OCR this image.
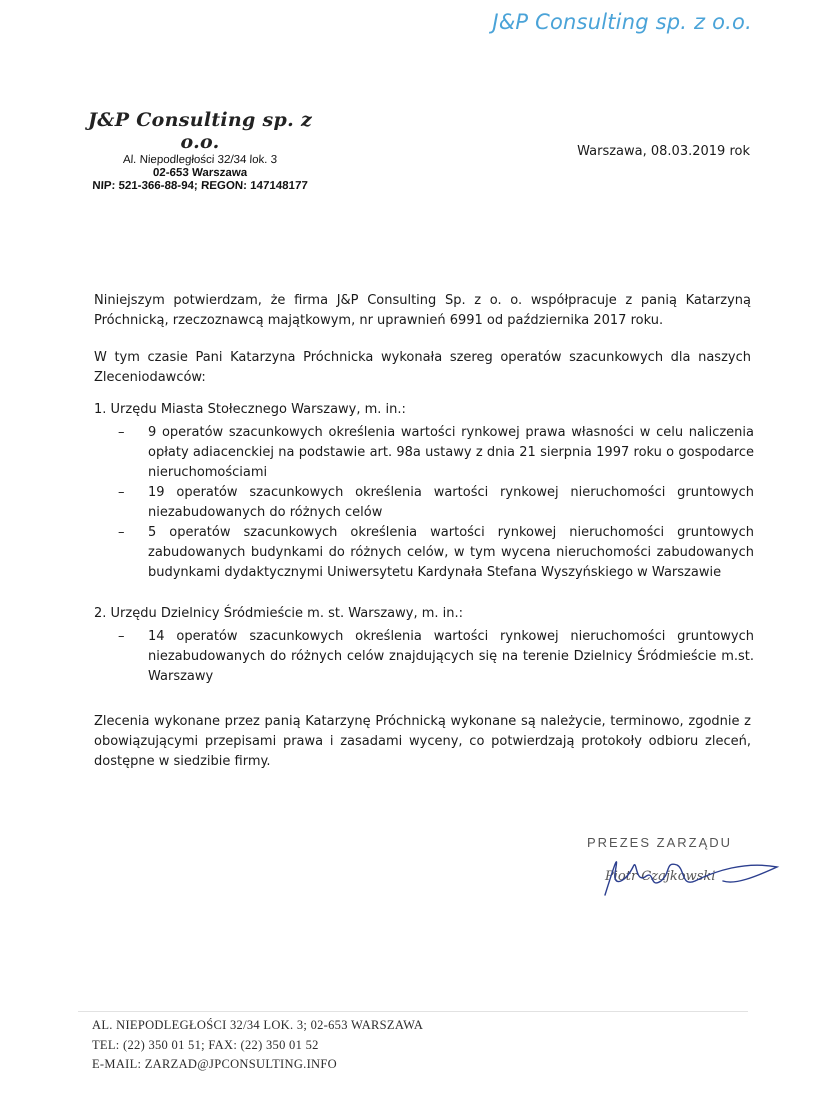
J&P Consulting sp. z o.o.
J&P Consulting sp. z o.o.
Al. Niepodległości 32/34 lok. 3
02-653 Warszawa
NIP: 521-366-88-94; REGON: 147148177
Warszawa, 08.03.2019 rok
Niniejszym potwierdzam, że firma J&P Consulting Sp. z o. o. współpracuje z panią Katarzyną Próchnicką, rzeczoznawcą majątkowym, nr uprawnień 6991 od października 2017 roku.
W tym czasie Pani Katarzyna Próchnicka wykonała szereg operatów szacunkowych dla naszych Zleceniodawców:
1. Urzędu Miasta Stołecznego Warszawy, m. in.:
– 9 operatów szacunkowych określenia wartości rynkowej prawa własności w celu naliczenia opłaty adiacenckiej na podstawie art. 98a ustawy z dnia 21 sierpnia 1997 roku o gospodarce nieruchomościami
– 19 operatów szacunkowych określenia wartości rynkowej nieruchomości gruntowych niezabudowanych do różnych celów
– 5 operatów szacunkowych określenia wartości rynkowej nieruchomości gruntowych zabudowanych budynkami do różnych celów, w tym wycena nieruchomości zabudowanych budynkami dydaktycznymi Uniwersytetu Kardynała Stefana Wyszyńskiego w Warszawie
2. Urzędu Dzielnicy Śródmieście m. st. Warszawy, m. in.:
– 14 operatów szacunkowych określenia wartości rynkowej nieruchomości gruntowych niezabudowanych do różnych celów znajdujących się na terenie Dzielnicy Śródmieście m.st. Warszawy
Zlecenia wykonane przez panią Katarzynę Próchnicką wykonane są należycie, terminowo, zgodnie z obowiązującymi przepisami prawa i zasadami wyceny, co potwierdzają protokoły odbioru zleceń, dostępne w siedzibie firmy.
PREZES ZARZĄDU
Piotr Czajkowski
AL. NIEPODLEGŁOŚCI 32/34 LOK. 3; 02-653 WARSZAWA
TEL: (22) 350 01 51; FAX: (22) 350 01 52
E-MAIL: ZARZAD@JPCONSULTING.INFO
